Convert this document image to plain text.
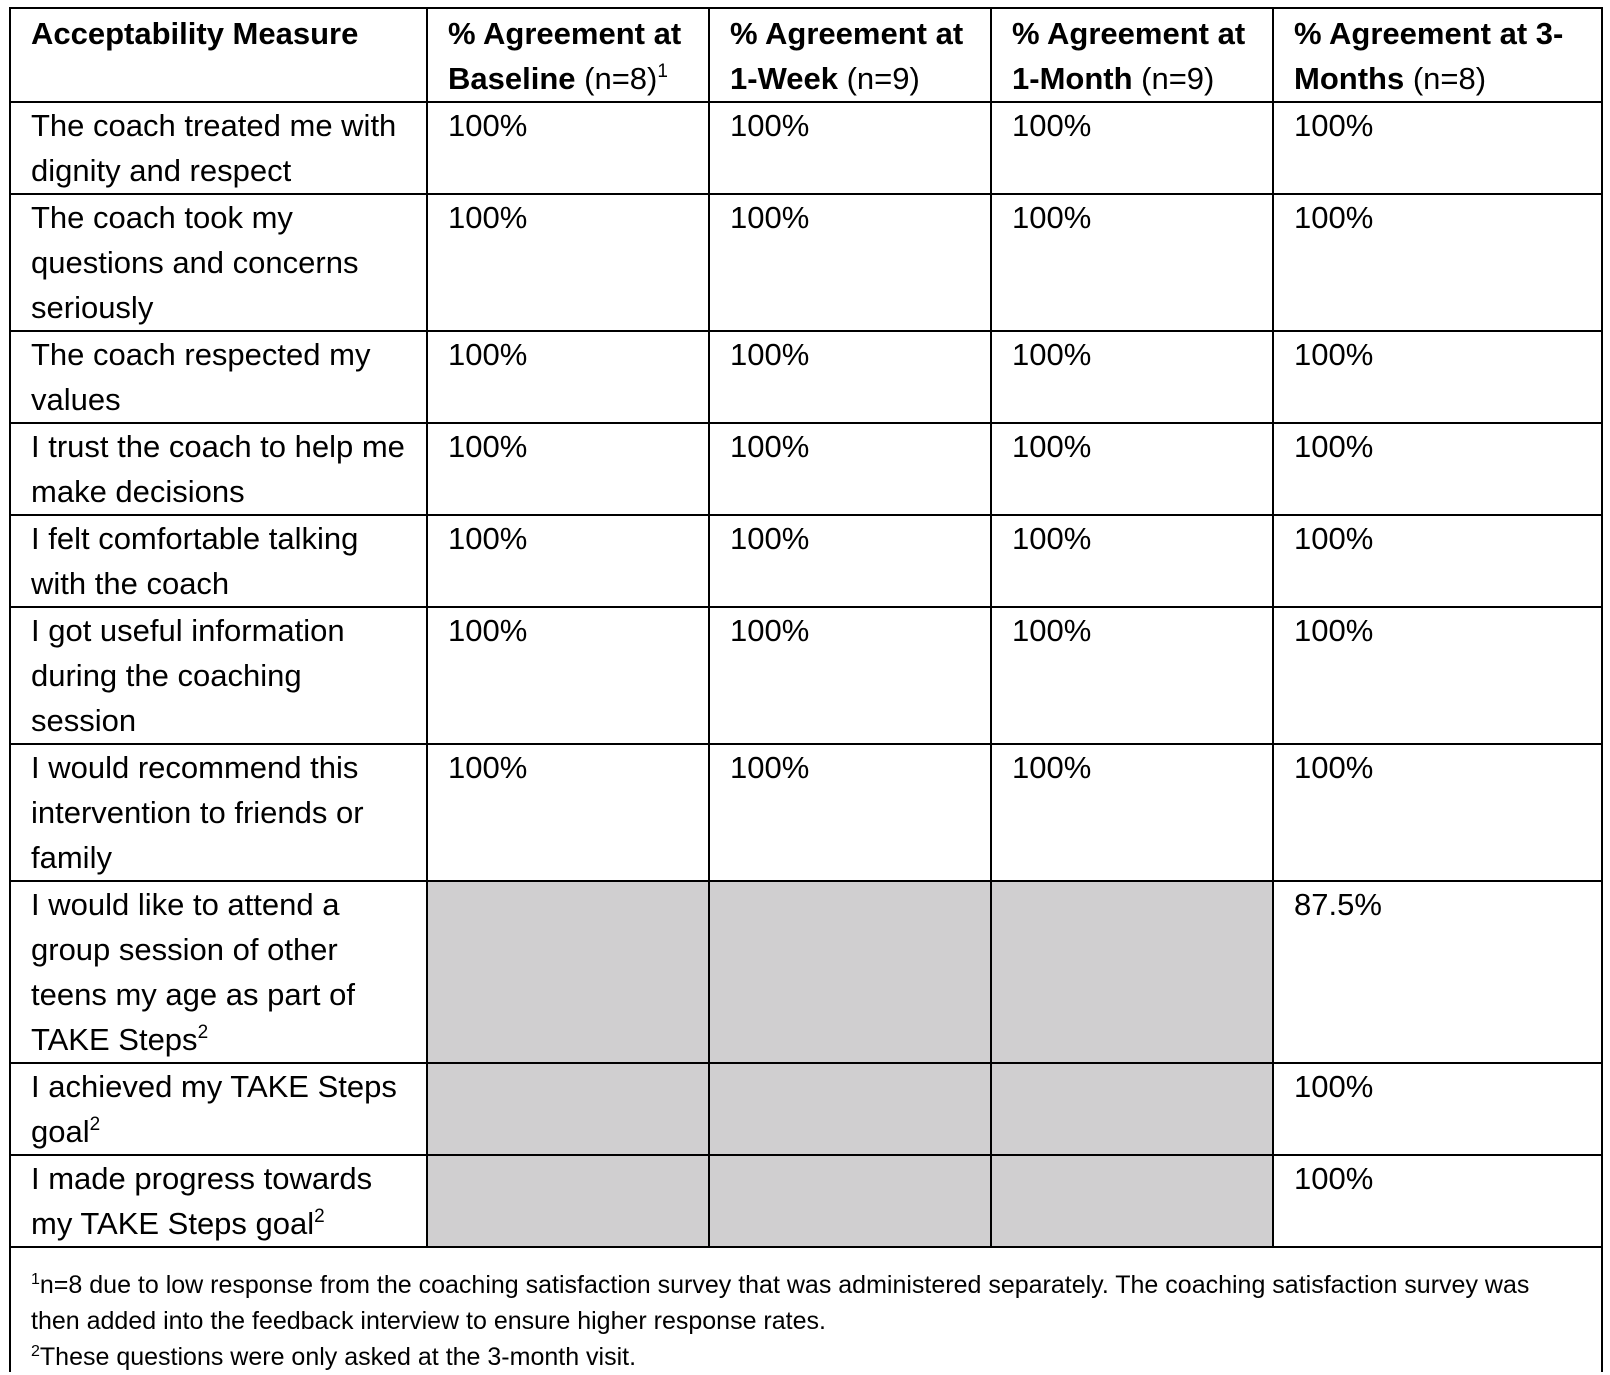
Acceptability Measure	% Agreement at Baseline (n=8)$^1$	% Agreement at 1-Week (n=9)	% Agreement at 1-Month (n=9)	% Agreement at 3-Months (n=8)
The coach treated me with dignity and respect	100%	100%	100%	100%

The coach took my questions and concerns seriously	100%	100%	100%	100%

The coach respected my values	100%	100%	100%	100%

I trust the coach to help me make decisions	100%	100%	100%	100%

I felt comfortable talking with the coach	100%	100%	100%	100%

I got useful information during the coaching session	100%	100%	100%	100%

I would recommend this intervention to friends or family	100%	100%	100%	100%

I would like to attend a group session of other teens my age as part of TAKE Steps$^2$				87.5%

I achieved my TAKE Steps goal$^2$				100%

I made progress towards my TAKE Steps goal$^2$				100%
$^1$n=8 due to low response from the coaching satisfaction survey that was administered separately. The coaching satisfaction survey was then added into the feedback interview to ensure higher response rates.
$^2$These questions were only asked at the 3-month visit.
